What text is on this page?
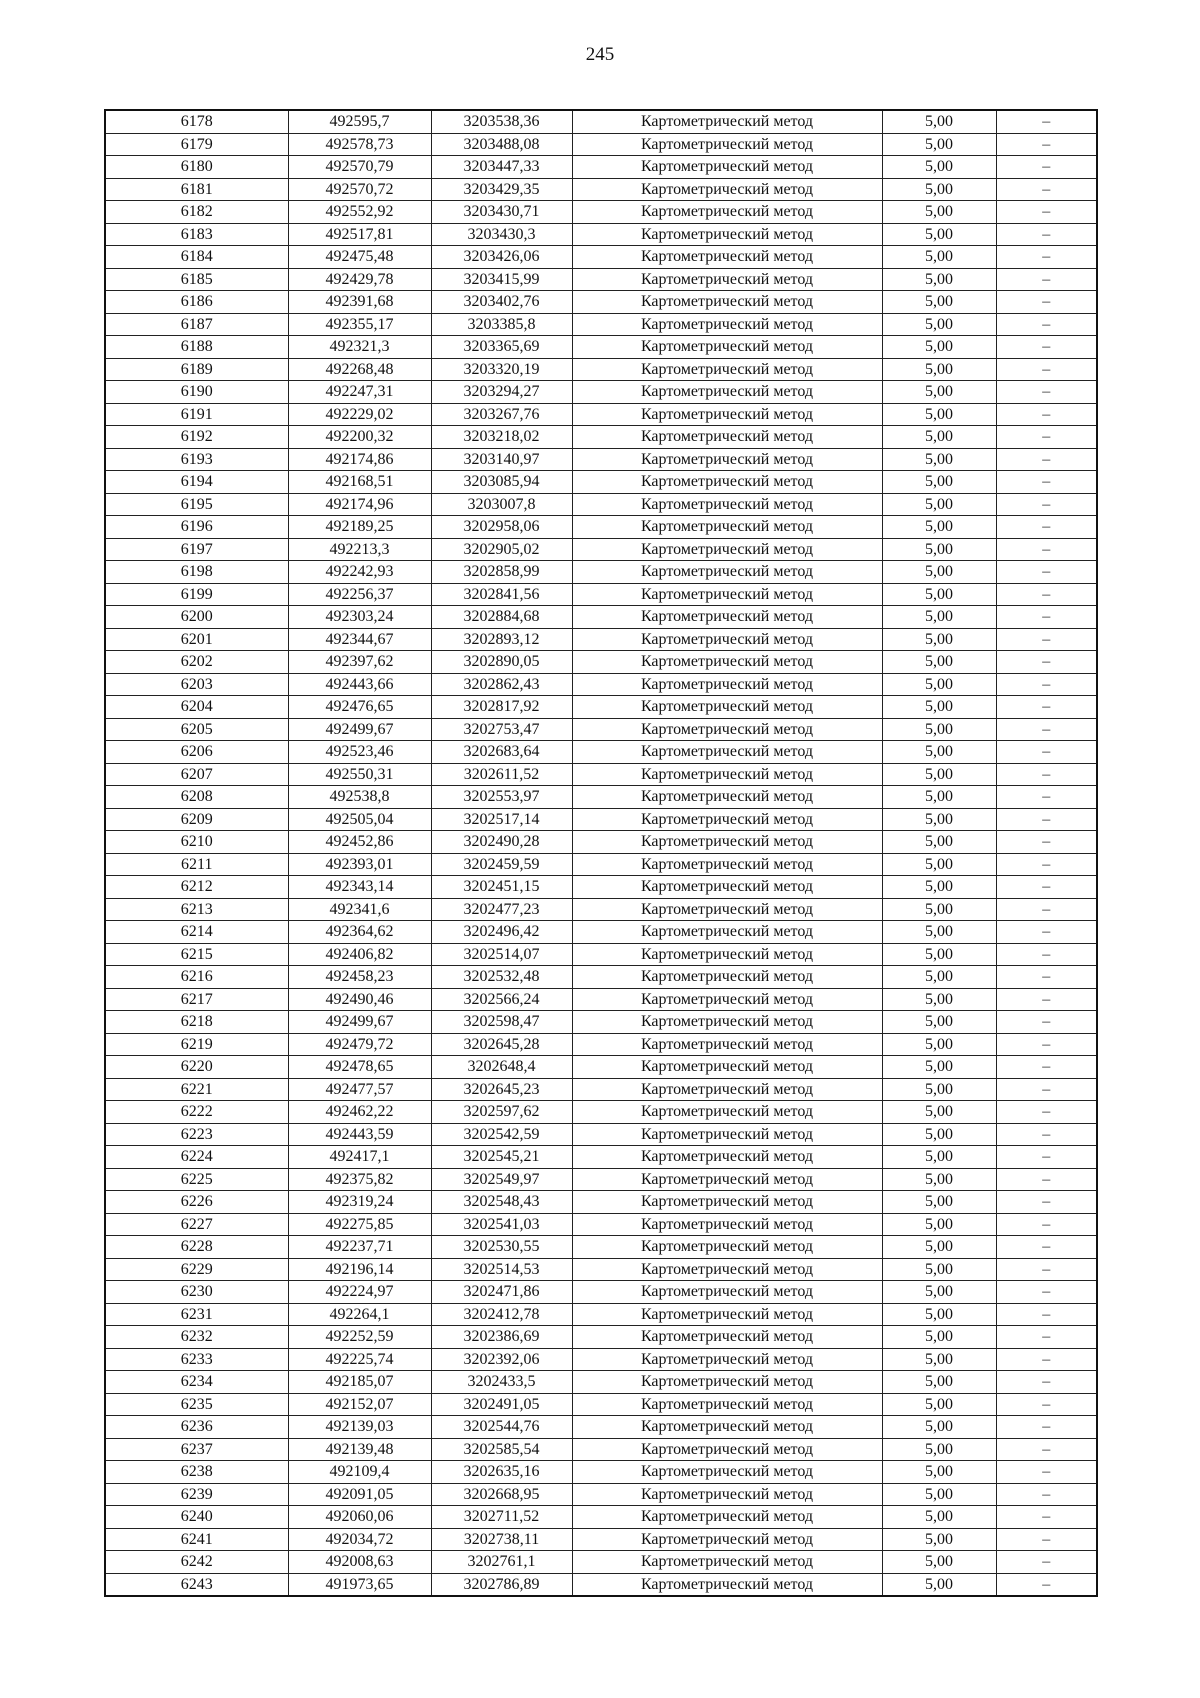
245
6178	492595,7	3203538,36	Картометрический метод	5,00	–
6179	492578,73	3203488,08	Картометрический метод	5,00	–
6180	492570,79	3203447,33	Картометрический метод	5,00	–
6181	492570,72	3203429,35	Картометрический метод	5,00	–
6182	492552,92	3203430,71	Картометрический метод	5,00	–
6183	492517,81	3203430,3	Картометрический метод	5,00	–
6184	492475,48	3203426,06	Картометрический метод	5,00	–
6185	492429,78	3203415,99	Картометрический метод	5,00	–
6186	492391,68	3203402,76	Картометрический метод	5,00	–
6187	492355,17	3203385,8	Картометрический метод	5,00	–
6188	492321,3	3203365,69	Картометрический метод	5,00	–
6189	492268,48	3203320,19	Картометрический метод	5,00	–
6190	492247,31	3203294,27	Картометрический метод	5,00	–
6191	492229,02	3203267,76	Картометрический метод	5,00	–
6192	492200,32	3203218,02	Картометрический метод	5,00	–
6193	492174,86	3203140,97	Картометрический метод	5,00	–
6194	492168,51	3203085,94	Картометрический метод	5,00	–
6195	492174,96	3203007,8	Картометрический метод	5,00	–
6196	492189,25	3202958,06	Картометрический метод	5,00	–
6197	492213,3	3202905,02	Картометрический метод	5,00	–
6198	492242,93	3202858,99	Картометрический метод	5,00	–
6199	492256,37	3202841,56	Картометрический метод	5,00	–
6200	492303,24	3202884,68	Картометрический метод	5,00	–
6201	492344,67	3202893,12	Картометрический метод	5,00	–
6202	492397,62	3202890,05	Картометрический метод	5,00	–
6203	492443,66	3202862,43	Картометрический метод	5,00	–
6204	492476,65	3202817,92	Картометрический метод	5,00	–
6205	492499,67	3202753,47	Картометрический метод	5,00	–
6206	492523,46	3202683,64	Картометрический метод	5,00	–
6207	492550,31	3202611,52	Картометрический метод	5,00	–
6208	492538,8	3202553,97	Картометрический метод	5,00	–
6209	492505,04	3202517,14	Картометрический метод	5,00	–
6210	492452,86	3202490,28	Картометрический метод	5,00	–
6211	492393,01	3202459,59	Картометрический метод	5,00	–
6212	492343,14	3202451,15	Картометрический метод	5,00	–
6213	492341,6	3202477,23	Картометрический метод	5,00	–
6214	492364,62	3202496,42	Картометрический метод	5,00	–
6215	492406,82	3202514,07	Картометрический метод	5,00	–
6216	492458,23	3202532,48	Картометрический метод	5,00	–
6217	492490,46	3202566,24	Картометрический метод	5,00	–
6218	492499,67	3202598,47	Картометрический метод	5,00	–
6219	492479,72	3202645,28	Картометрический метод	5,00	–
6220	492478,65	3202648,4	Картометрический метод	5,00	–
6221	492477,57	3202645,23	Картометрический метод	5,00	–
6222	492462,22	3202597,62	Картометрический метод	5,00	–
6223	492443,59	3202542,59	Картометрический метод	5,00	–
6224	492417,1	3202545,21	Картометрический метод	5,00	–
6225	492375,82	3202549,97	Картометрический метод	5,00	–
6226	492319,24	3202548,43	Картометрический метод	5,00	–
6227	492275,85	3202541,03	Картометрический метод	5,00	–
6228	492237,71	3202530,55	Картометрический метод	5,00	–
6229	492196,14	3202514,53	Картометрический метод	5,00	–
6230	492224,97	3202471,86	Картометрический метод	5,00	–
6231	492264,1	3202412,78	Картометрический метод	5,00	–
6232	492252,59	3202386,69	Картометрический метод	5,00	–
6233	492225,74	3202392,06	Картометрический метод	5,00	–
6234	492185,07	3202433,5	Картометрический метод	5,00	–
6235	492152,07	3202491,05	Картометрический метод	5,00	–
6236	492139,03	3202544,76	Картометрический метод	5,00	–
6237	492139,48	3202585,54	Картометрический метод	5,00	–
6238	492109,4	3202635,16	Картометрический метод	5,00	–
6239	492091,05	3202668,95	Картометрический метод	5,00	–
6240	492060,06	3202711,52	Картометрический метод	5,00	–
6241	492034,72	3202738,11	Картометрический метод	5,00	–
6242	492008,63	3202761,1	Картометрический метод	5,00	–
6243	491973,65	3202786,89	Картометрический метод	5,00	–
